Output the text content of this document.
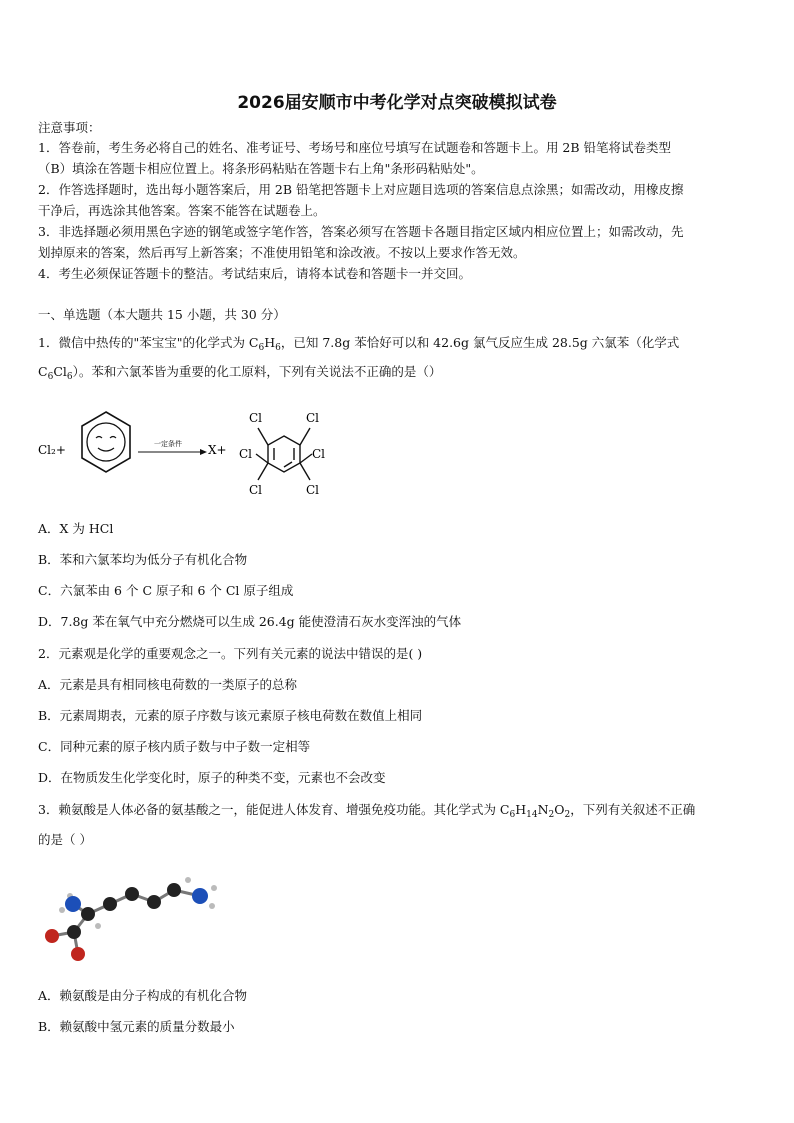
2026届安顺市中考化学对点突破模拟试卷
注意事项：
1．答卷前，考生务必将自己的姓名、准考证号、考场号和座位号填写在试题卷和答题卡上。用 2B 铅笔将试卷类型
（B）填涂在答题卡相应位置上。将条形码粘贴在答题卡右上角"条形码粘贴处"。
2．作答选择题时，选出每小题答案后，用 2B 铅笔把答题卡上对应题目选项的答案信息点涂黑；如需改动，用橡皮擦
干净后，再选涂其他答案。答案不能答在试题卷上。
3．非选择题必须用黑色字迹的钢笔或签字笔作答，答案必须写在答题卡各题目指定区域内相应位置上；如需改动，先
划掉原来的答案，然后再写上新答案；不准使用铅笔和涂改液。不按以上要求作答无效。
4．考生必须保证答题卡的整洁。考试结束后，请将本试卷和答题卡一并交回。
一、单选题（本大题共 15 小题，共 30 分）
1．微信中热传的"苯宝宝"的化学式为 $C_6H_6$，已知 7.8g 苯恰好可以和 42.6g 氯气反应生成 28.5g 六氯苯（化学式
$C_6Cl_6$）。苯和六氯苯皆为重要的化工原料，下列有关说法不正确的是（）
Cl₂+	一定条件 X+
Cl	Cl
Cl	Cl
Cl	Cl
A．X 为 HCl
B．苯和六氯苯均为低分子有机化合物
C．六氯苯由 6 个 C 原子和 6 个 Cl 原子组成
D．7.8g 苯在氧气中充分燃烧可以生成 26.4g 能使澄清石灰水变浑浊的气体
2．元素观是化学的重要观念之一。下列有关元素的说法中错误的是( )
A．元素是具有相同核电荷数的一类原子的总称
B．元素周期表，元素的原子序数与该元素原子核电荷数在数值上相同
C．同种元素的原子核内质子数与中子数一定相等
D．在物质发生化学变化时，原子的种类不变，元素也不会改变
3．赖氨酸是人体必备的氨基酸之一，能促进人体发育、增强免疫功能。其化学式为 $C_6H_{14}N_2O_2$，下列有关叙述不正确
的是（ ）
A．赖氨酸是由分子构成的有机化合物
B．赖氨酸中氢元素的质量分数最小
